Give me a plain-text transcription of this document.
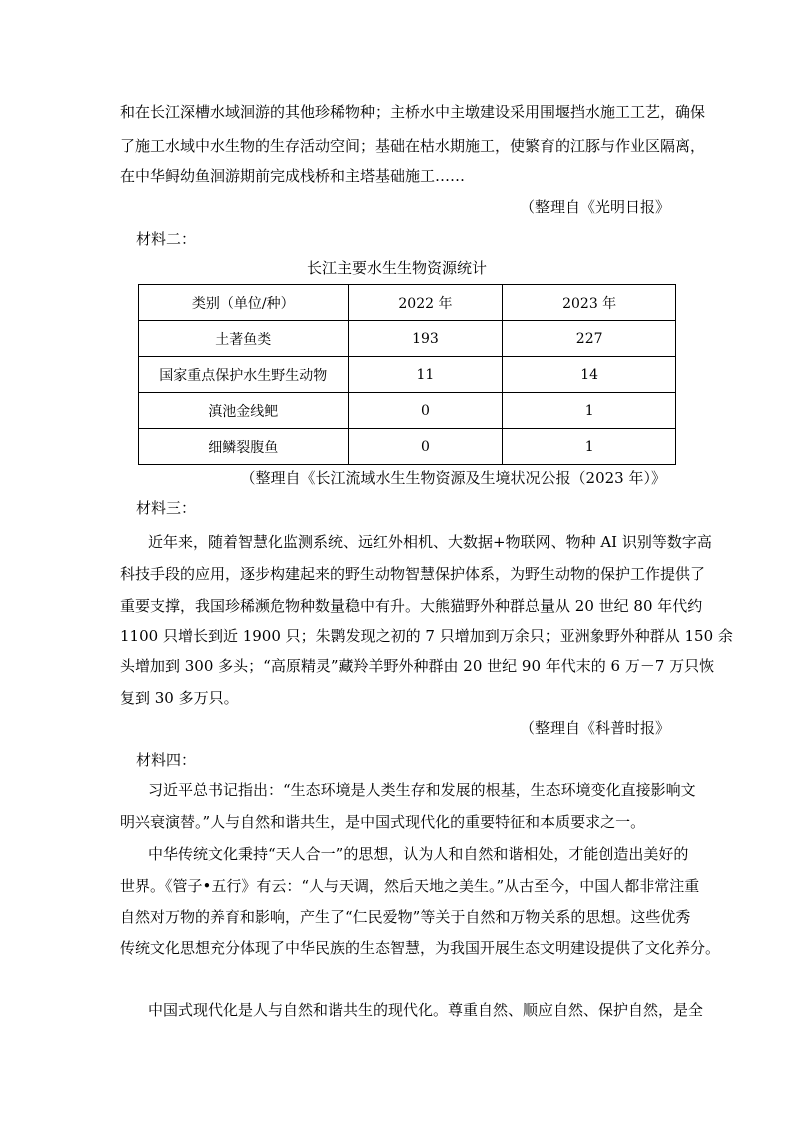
和在长江深槽水域洄游的其他珍稀物种；主桥水中主墩建设采用围堰挡水施工工艺，确保
了施工水域中水生物的生存活动空间；基础在枯水期施工，使繁育的江豚与作业区隔离，
在中华鲟幼鱼洄游期前完成栈桥和主塔基础施工……
（整理自《光明日报》
材料二：
长江主要水生生物资源统计
类别（单位/种）	2022 年	2023 年
土著鱼类	193	227
国家重点保护水生野生动物	11	14
滇池金线鲃	0	1
细鳞裂腹鱼	0	1
（整理自《长江流域水生生物资源及生境状况公报（2023 年）》
材料三：
近年来，随着智慧化监测系统、远红外相机、大数据+物联网、物种 AI 识别等数字高
科技手段的应用，逐步构建起来的野生动物智慧保护体系，为野生动物的保护工作提供了
重要支撑，我国珍稀濒危物种数量稳中有升。大熊猫野外种群总量从 20 世纪 80 年代约
1100 只增长到近 1900 只；朱鹮发现之初的 7 只增加到万余只；亚洲象野外种群从 150 余
头增加到 300 多头；“高原精灵”藏羚羊野外种群由 20 世纪 90 年代末的 6 万－7 万只恢
复到 30 多万只。
（整理自《科普时报》
材料四：
习近平总书记指出：“生态环境是人类生存和发展的根基，生态环境变化直接影响文
明兴衰演替。”人与自然和谐共生，是中国式现代化的重要特征和本质要求之一。
中华传统文化秉持“天人合一”的思想，认为人和自然和谐相处，才能创造出美好的
世界。《管子•五行》有云：“人与天调，然后天地之美生。”从古至今，中国人都非常注重
自然对万物的养育和影响，产生了“仁民爱物”等关于自然和万物关系的思想。这些优秀
传统文化思想充分体现了中华民族的生态智慧，为我国开展生态文明建设提供了文化养分。
中国式现代化是人与自然和谐共生的现代化。尊重自然、顺应自然、保护自然，是全
